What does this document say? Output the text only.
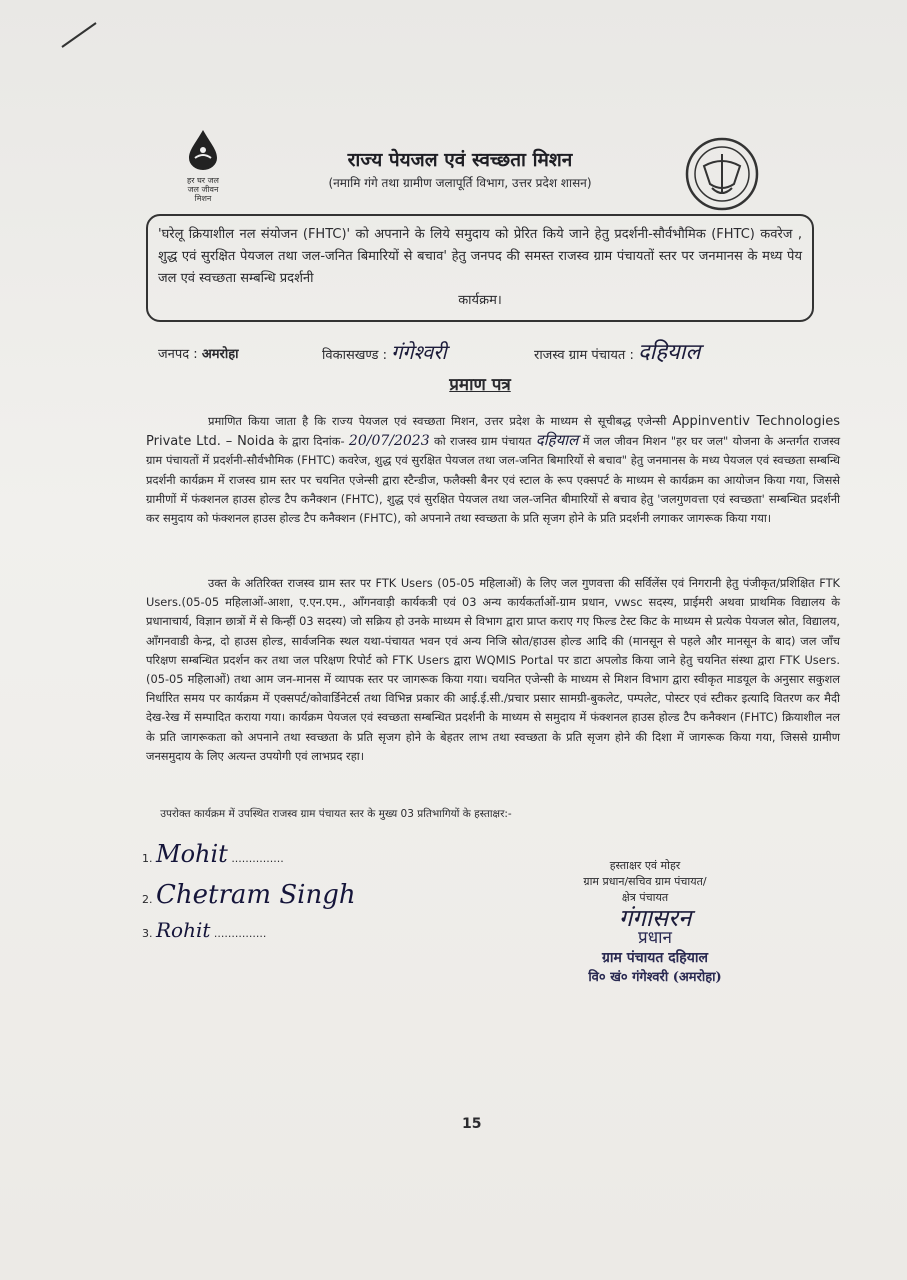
हर घर जल
जल जीवन मिशन
राज्य पेयजल एवं स्वच्छता मिशन
(नमामि गंगे तथा ग्रामीण जलापूर्ति विभाग, उत्तर प्रदेश शासन)
'घरेलू क्रियाशील नल संयोजन (FHTC)' को अपनाने के लिये समुदाय को प्रेरित किये जाने हेतु प्रदर्शनी-सौर्वभौमिक (FHTC) कवरेज , शुद्ध एवं सुरक्षित पेयजल तथा जल-जनित बिमारियों से बचाव' हेतु जनपद की समस्त राजस्व ग्राम पंचायतों स्तर पर जनमानस के मध्य पेय जल एवं स्वच्छता सम्बन्धि प्रदर्शनी
कार्यक्रम।
जनपद : अमरोहा	विकासखण्ड : गंगेश्वरी	राजस्व ग्राम पंचायत : दहियाल
प्रमाण पत्र

प्रमाणित किया जाता है कि राज्य पेयजल एवं स्वच्छता मिशन, उत्तर प्रदेश के माध्यम से सूचीबद्ध एजेन्सी Appinventiv Technologies Private Ltd. – Noida के द्वारा दिनांक- 20/07/2023 को राजस्व ग्राम पंचायत दहियाल में जल जीवन मिशन "हर घर जल" योजना के अन्तर्गत राजस्व ग्राम पंचायतों में प्रदर्शनी-सौर्वभौमिक (FHTC) कवरेज, शुद्ध एवं सुरक्षित पेयजल तथा जल-जनित बिमारियों से बचाव" हेतु जनमानस के मध्य पेयजल एवं स्वच्छता सम्बन्धि प्रदर्शनी कार्यक्रम में राजस्व ग्राम स्तर पर चयनित एजेन्सी द्वारा स्टैन्डीज, फलैक्सी बैनर एवं स्टाल के रूप एक्सपर्ट के माध्यम से कार्यक्रम का आयोजन किया गया, जिससे ग्रामीणों में फंक्शनल हाउस होल्ड टैप कनैक्शन (FHTC), शुद्ध एवं सुरक्षित पेयजल तथा जल-जनित बीमारियों से बचाव हेतु 'जलगुणवत्ता एवं स्वच्छता' सम्बन्धित प्रदर्शनी कर समुदाय को फंक्शनल हाउस होल्ड टैप कनैक्शन (FHTC), को अपनाने तथा स्वच्छता के प्रति सृजग होने के प्रति प्रदर्शनी लगाकर जागरूक किया गया।

उक्त के अतिरिक्त राजस्व ग्राम स्तर पर FTK Users (05-05 महिलाओं) के लिए जल गुणवत्ता की सर्विलेंस एवं निगरानी हेतु पंजीकृत/प्रशिक्षित FTK Users.(05-05 महिलाओं-आशा, ए.एन.एम., आँगनवाड़ी कार्यकत्री एवं 03 अन्य कार्यकर्ताओं-ग्राम प्रधान, vwsc सदस्य, प्राईमरी अथवा प्राथमिक विद्यालय के प्रधानाचार्य, विज्ञान छात्रों में से किन्हीं 03 सदस्य) जो सक्रिय हो उनके माध्यम से विभाग द्वारा प्राप्त कराए गए फिल्ड टेस्ट किट के माध्यम से प्रत्येक पेयजल स्रोत, विद्यालय, आँगनवाडी केन्द्र, दो हाउस होल्ड, सार्वजनिक स्थल यथा-पंचायत भवन एवं अन्य निजि स्रोत/हाउस होल्ड आदि की (मानसून से पहले और मानसून के बाद) जल जाँच परिक्षण सम्बन्धित प्रदर्शन कर तथा जल परिक्षण रिपोर्ट को FTK Users द्वारा WQMIS Portal पर डाटा अपलोड किया जाने हेतु चयनित संस्था द्वारा FTK Users.(05-05 महिलाओं) तथा आम जन-मानस में व्यापक स्तर पर जागरूक किया गया। चयनित एजेन्सी के माध्यम से मिशन विभाग द्वारा स्वीकृत माडयूल के अनुसार सकुशल निर्धारित समय पर कार्यक्रम में एक्सपर्ट/कोवार्डिनेटर्स तथा विभिन्न प्रकार की आई.ई.सी./प्रचार प्रसार सामग्री-बुकलेट, पम्पलेट, पोस्टर एवं स्टीकर इत्यादि वितरण कर मैदी देख-रेख में सम्पादित कराया गया। कार्यक्रम पेयजल एवं स्वच्छता सम्बन्धित प्रदर्शनी के माध्यम से समुदाय में फंक्शनल हाउस होल्ड टैप कनैक्शन (FHTC) क्रियाशील नल के प्रति जागरूकता को अपनाने तथा स्वच्छता के प्रति सृजग होने के बेहतर लाभ तथा स्वच्छता के प्रति सृजग होने की दिशा में जागरूक किया गया, जिससे ग्रामीण जनसमुदाय के लिए अत्यन्त उपयोगी एवं लाभप्रद रहा।

उपरोक्त कार्यक्रम में उपस्थित राजस्व ग्राम पंचायत स्तर के मुख्य 03 प्रतिभागियों के हस्ताक्षर:-
1. Mohit ...............
2. Chetram Singh
3. Rohit ...............
हस्ताक्षर एवं मोहर
ग्राम प्रधान/सचिव ग्राम पंचायत/
क्षेत्र पंचायत
गंगासरन
प्रधान
ग्राम पंचायत दहियाल
वि० खं० गंगेश्वरी (अमरोहा)
15
